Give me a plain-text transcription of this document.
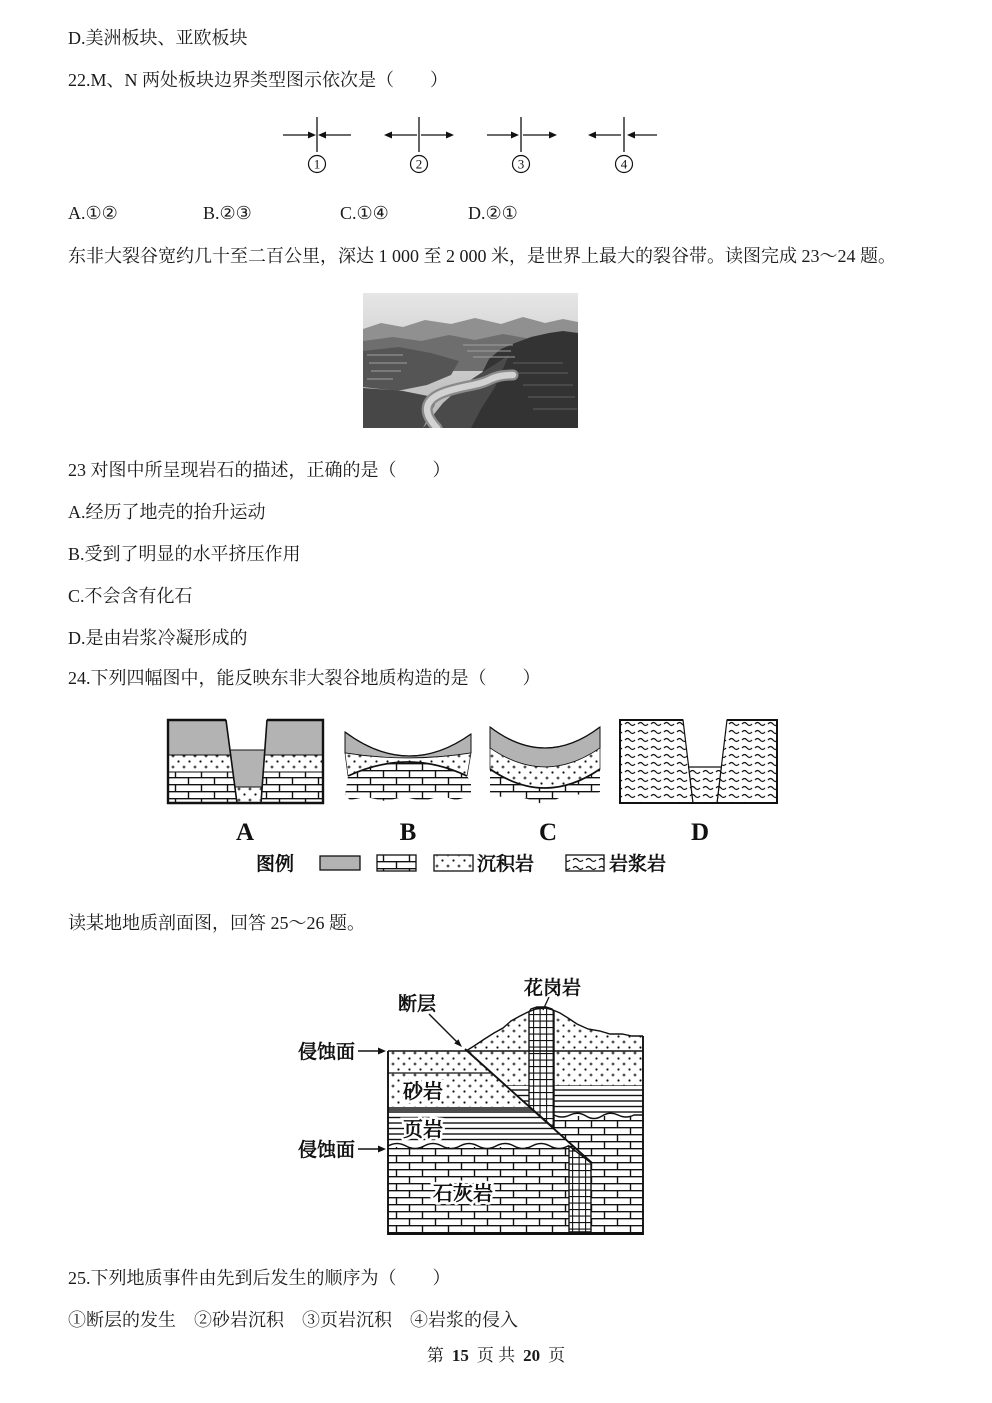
D.美洲板块、亚欧板块
22.M、N 两处板块边界类型图示依次是（　　）
1	2	3	4
A.①②	B.②③	C.①④	D.②①
东非大裂谷宽约几十至二百公里，深达 1 000 至 2 000 米，是世界上最大的裂谷带。读图完成 23～24 题。
23 对图中所呈现岩石的描述，正确的是（　　）
A.经历了地壳的抬升运动
B.受到了明显的水平挤压作用
C.不会含有化石
D.是由岩浆冷凝形成的
24.下列四幅图中，能反映东非大裂谷地质构造的是（　　）
A	B	C	D
图例	沉积岩	岩浆岩
读某地地质剖面图，回答 25～26 题。
断层
花岗岩
侵蚀面
侵蚀面
砂岩
页岩
石灰岩
25.下列地质事件由先到后发生的顺序为（　　）
①断层的发生　②砂岩沉积　③页岩沉积　④岩浆的侵入
第 15 页 共 20 页
